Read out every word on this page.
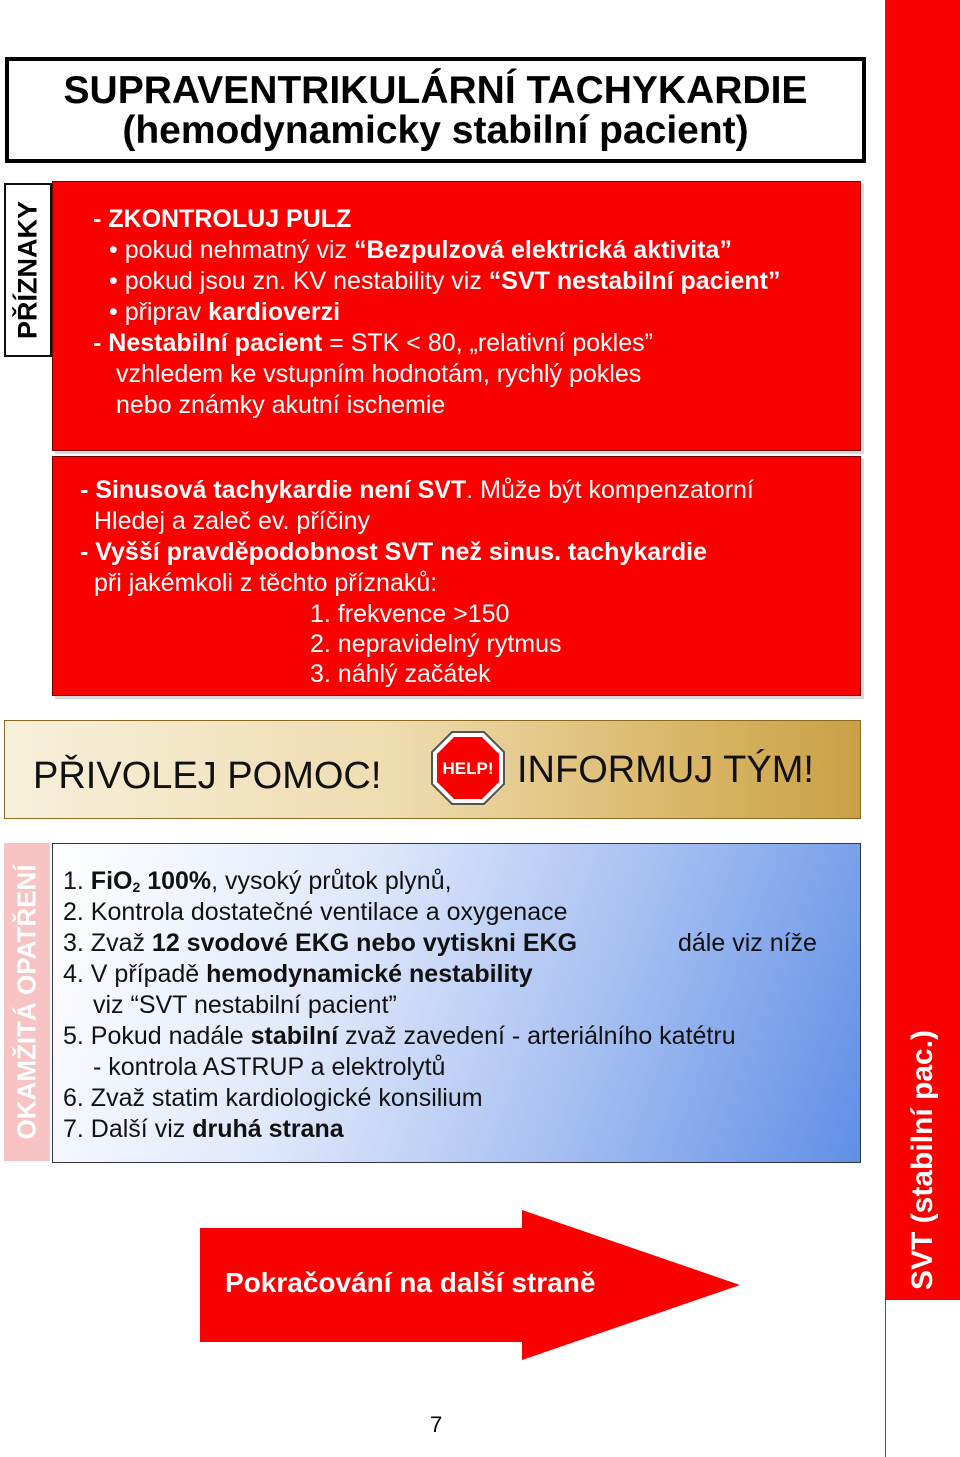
SVT (stabilní pac.)
SUPRAVENTRIKULÁRNÍ TACHYKARDIE
(hemodynamicky stabilní pacient)
PŘÍZNAKY - ZKONTROLUJ PULZ
• pokud nehmatný viz “Bezpulzová elektrická aktivita”
• pokud jsou zn. KV nestability viz “SVT nestabilní pacient”
• připrav kardioverzi
- Nestabilní pacient = STK < 80, „relativní pokles”
vzhledem ke vstupním hodnotám, rychlý pokles
nebo známky akutní ischemie
- Sinusová tachykardie není SVT. Může být kompenzatorní
Hledej a zaleč ev. příčiny
- Vyšší pravděpodobnost SVT než sinus. tachykardie
při jakémkoli z těchto příznaků:
1. frekvence >150
2. nepravidelný rytmus
3. náhlý začátek
PŘIVOLEJ POMOC!	INFORMUJ TÝM!
HELP!
OKAMŽITÁ OPATŘENÍ 1. FiO$_2$ 100%, vysoký průtok plynů,
2. Kontrola dostatečné ventilace a oxygenace
3. Zvaž 12 svodové EKG nebo vytiskni EKG	dále viz níže
4. V případě hemodynamické nestability
viz “SVT nestabilní pacient”
5. Pokud nadále stabilní zvaž zavedení - arteriálního katétru
- kontrola ASTRUP a elektrolytů
6. Zvaž statim kardiologické konsilium
7. Další viz druhá strana
Pokračování na další straně
7
